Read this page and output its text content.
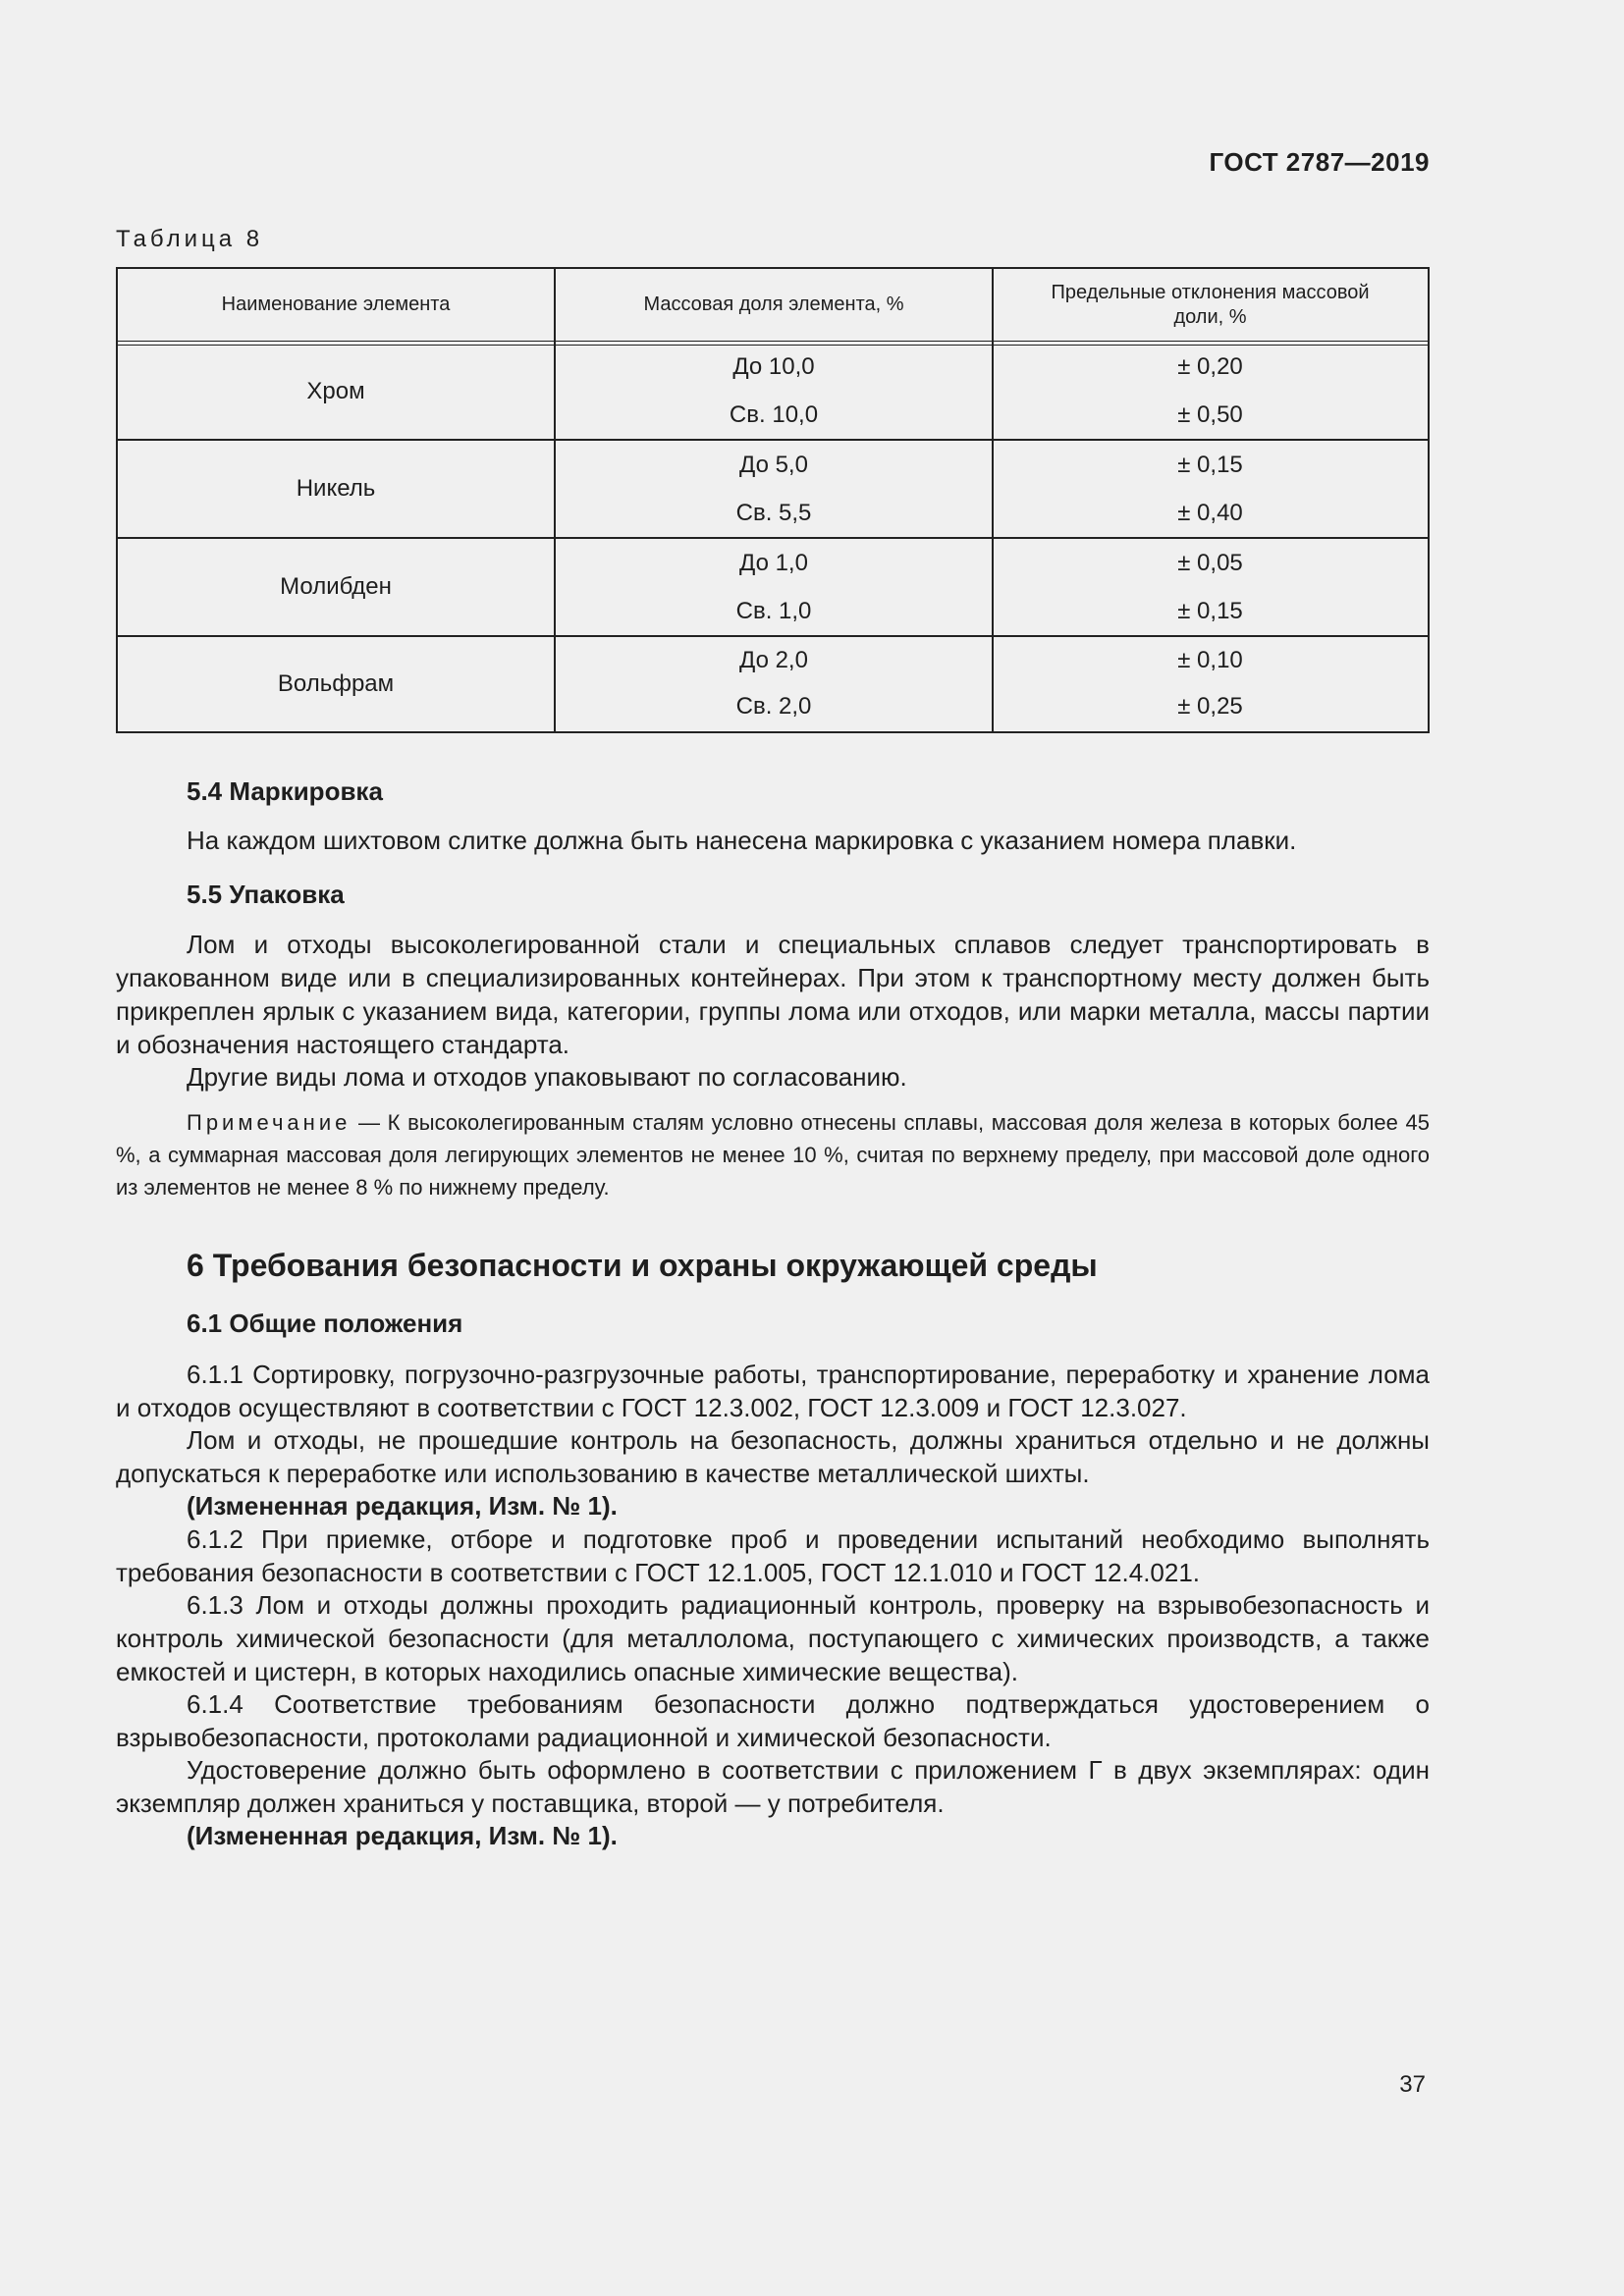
ГОСТ 2787—2019
Таблица 8
Наименование элемента	Массовая доля элемента, %
Предельные отклонения массовой доли, %
Хром
До 10,0
Св. 10,0
± 0,20
± 0,50
Никель
До 5,0
Св. 5,5
± 0,15
± 0,40
Молибден
До 1,0
Св. 1,0
± 0,05
± 0,15
Вольфрам
До 2,0
Св. 2,0
± 0,10
± 0,25
5.4 Маркировка

На каждом шихтовом слитке должна быть нанесена маркировка с указанием номера плавки.

5.5 Упаковка

Лом и отходы высоколегированной стали и специальных сплавов следует транспортировать в упакованном виде или в специализированных контейнерах. При этом к транспортному месту должен быть прикреплен ярлык с указанием вида, категории, группы лома или отходов, или марки металла, массы партии и обозначения настоящего стандарта.

Другие виды лома и отходов упаковывают по согласованию.

Примечание — К высоколегированным сталям условно отнесены сплавы, массовая доля железа в которых более 45 %, а суммарная массовая доля легирующих элементов не менее 10 %, считая по верхнему пределу, при массовой доле одного из элементов не менее 8 % по нижнему пределу.

6 Требования безопасности и охраны окружающей среды
6.1 Общие положения

6.1.1 Сортировку, погрузочно-разгрузочные работы, транспортирование, переработку и хранение лома и отходов осуществляют в соответствии с ГОСТ 12.3.002, ГОСТ 12.3.009 и ГОСТ 12.3.027.

Лом и отходы, не прошедшие контроль на безопасность, должны храниться отдельно и не должны допускаться к переработке или использованию в качестве металлической шихты.

(Измененная редакция, Изм. № 1).

6.1.2 При приемке, отборе и подготовке проб и проведении испытаний необходимо выполнять требования безопасности в соответствии с ГОСТ 12.1.005, ГОСТ 12.1.010 и ГОСТ 12.4.021.

6.1.3 Лом и отходы должны проходить радиационный контроль, проверку на взрывобезопасность и контроль химической безопасности (для металлолома, поступающего с химических производств, а также емкостей и цистерн, в которых находились опасные химические вещества).

6.1.4 Соответствие требованиям безопасности должно подтверждаться удостоверением о взрывобезопасности, протоколами радиационной и химической безопасности.

Удостоверение должно быть оформлено в соответствии с приложением Г в двух экземплярах: один экземпляр должен храниться у поставщика, второй — у потребителя.

(Измененная редакция, Изм. № 1).

37
